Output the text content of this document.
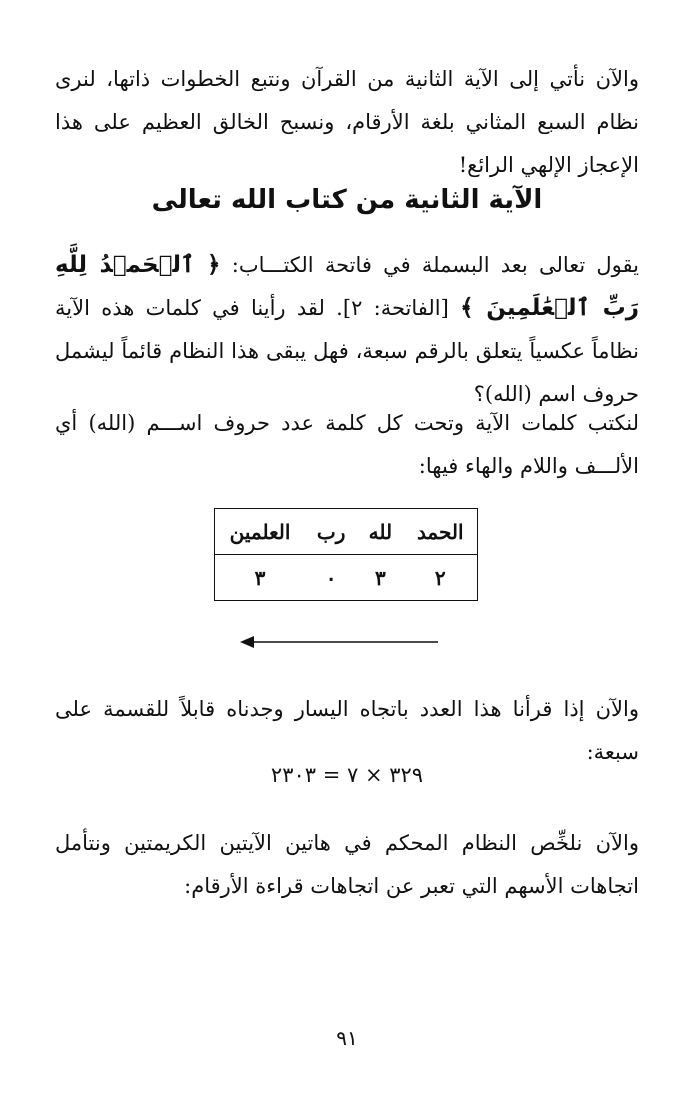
والآن نأتي إلى الآية الثانية من القرآن ونتبع الخطوات ذاتها، لنرى نظام السبع المثاني بلغة الأرقام، ونسبح الخالق العظيم على هذا الإعجاز الإلهي الرائع!

الآية الثانية من كتاب الله تعالى

يقول تعالى بعد البسملة في فاتحة الكتـــاب: ﴿ ٱلۡحَمۡدُ لِلَّهِ رَبِّ ٱلۡعَٰلَمِينَ ﴾ [الفاتحة: ٢]. لقد رأينا في كلمات هذه الآية نظاماً عكسياً يتعلق بالرقم سبعة، فهل يبقى هذا النظام قائماً ليشمل حروف اسم (الله)؟

لنكتب كلمات الآية وتحت كل كلمة عدد حروف اســـم (الله) أي الألـــف واللام والهاء فيها:

الحمد	لله	رب	العلمين
٢	٣	٠	٣

والآن إذا قرأنا هذا العدد باتجاه اليسار وجدناه قابلاً للقسمة على سبعة:

٣٢٩ × ٧ = ٢٣٠٣

والآن نلخِّص النظام المحكم في هاتين الآيتين الكريمتين ونتأمل اتجاهات الأسهم التي تعبر عن اتجاهات قراءة الأرقام:

٩١
